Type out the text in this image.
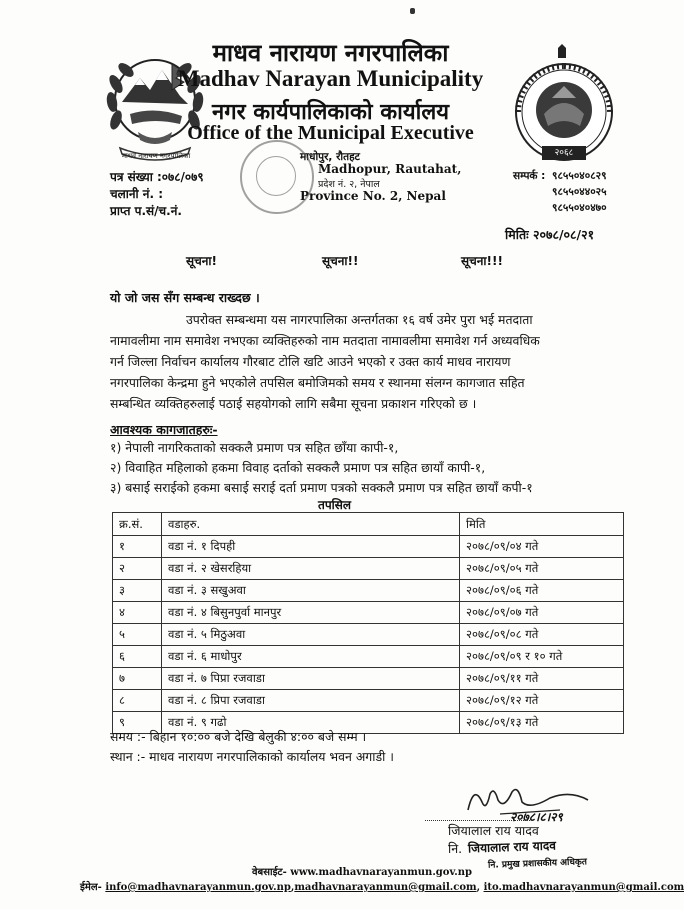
माधव नारायण नगरपालिका	२०६८
माधव नारायण नगरपालिका
Madhav Narayan Municipality
नगर कार्यपालिकाको कार्यालय
Office of the Municipal Executive
माधोपुर, रौतहट
Madhopur, Rautahat,
प्रदेश नं. २, नेपाल
Province No. 2, Nepal
पत्र संख्या :०७८/०७९
चलानी नं. :
प्राप्त प.सं/च.नं.
सम्पर्क : ९८५५०४०८२९
९८५५०४४०२५
९८५५०४०४७०
मितिः २०७८/०८/२१
सूचना!	सूचना!!	सूचना!!!
यो जो जस सँग सम्बन्ध राख्दछ ।
उपरोक्त सम्बन्धमा यस नागरपालिका अन्तर्गतका १६ वर्ष उमेर पुरा भई मतदाता
नामावलीमा नाम समावेश नभएका व्यक्तिहरुको नाम मतदाता नामावलीमा समावेश गर्न अध्यवधिक
गर्न जिल्ला निर्वाचन कार्यालय गौरबाट टोलि खटि आउने भएको र उक्त कार्य माधव नारायण
नगरपालिका केन्द्रमा हुने भएकोले तपसिल बमोजिमको समय र स्थानमा संलग्न कागजात सहित
सम्बन्धित व्यक्तिहरुलाई पठाई सहयोगको लागि सबैमा सूचना प्रकाशन गरिएको छ ।
आवश्यक कागजातहरुः-
१) नेपाली नागरिकताको सक्कलै प्रमाण पत्र सहित छाँया कापी-१,
२) विवाहित महिलाको हकमा विवाह दर्ताको सक्कलै प्रमाण पत्र सहित छायाँ कापी-१,
३) बसाई सराईको हकमा बसाई सराई दर्ता प्रमाण पत्रको सक्कलै प्रमाण पत्र सहित छायाँ कपी-१
तपसिल
क्र.सं.	वडाहरु.	मिति
१	वडा नं. १ दिपही	२०७८/०९/०४ गते
२	वडा नं. २ खेसरहिया	२०७८/०९/०५ गते
३	वडा नं. ३ सखुअवा	२०७८/०९/०६ गते
४	वडा नं. ४ बिसुनपुर्वा मानपुर	२०७८/०९/०७ गते
५	वडा नं. ५ मिठुअवा	२०७८/०९/०८ गते
६	वडा नं. ६ माधोपुर	२०७८/०९/०९ र १० गते
७	वडा नं. ७ पिप्रा रजवाडा	२०७८/०९/११ गते
८	वडा नं. ८ प्रिपा रजवाडा	२०७८/०९/१२ गते
९	वडा नं. ९ गढो	२०७८/०९/१३ गते
समय :- बिहान १०:०० बजे देखि बेलुकी ४:०० बजे सम्म ।
स्थान :- माधव नारायण नगरपालिकाको कार्यालय भवन अगाडी ।
२०७८।८।२९
जियालाल राय यादव
नि. जियालाल राय यादव
नि. प्रमुख प्रशासकीय अधिकृत
वेबसाईट- www.madhavnarayanmun.gov.np
ईमेल- info@madhavnarayanmun.gov.np,madhavnarayanmun@gmail.com, ito.madhavnarayanmun@gmail.com
